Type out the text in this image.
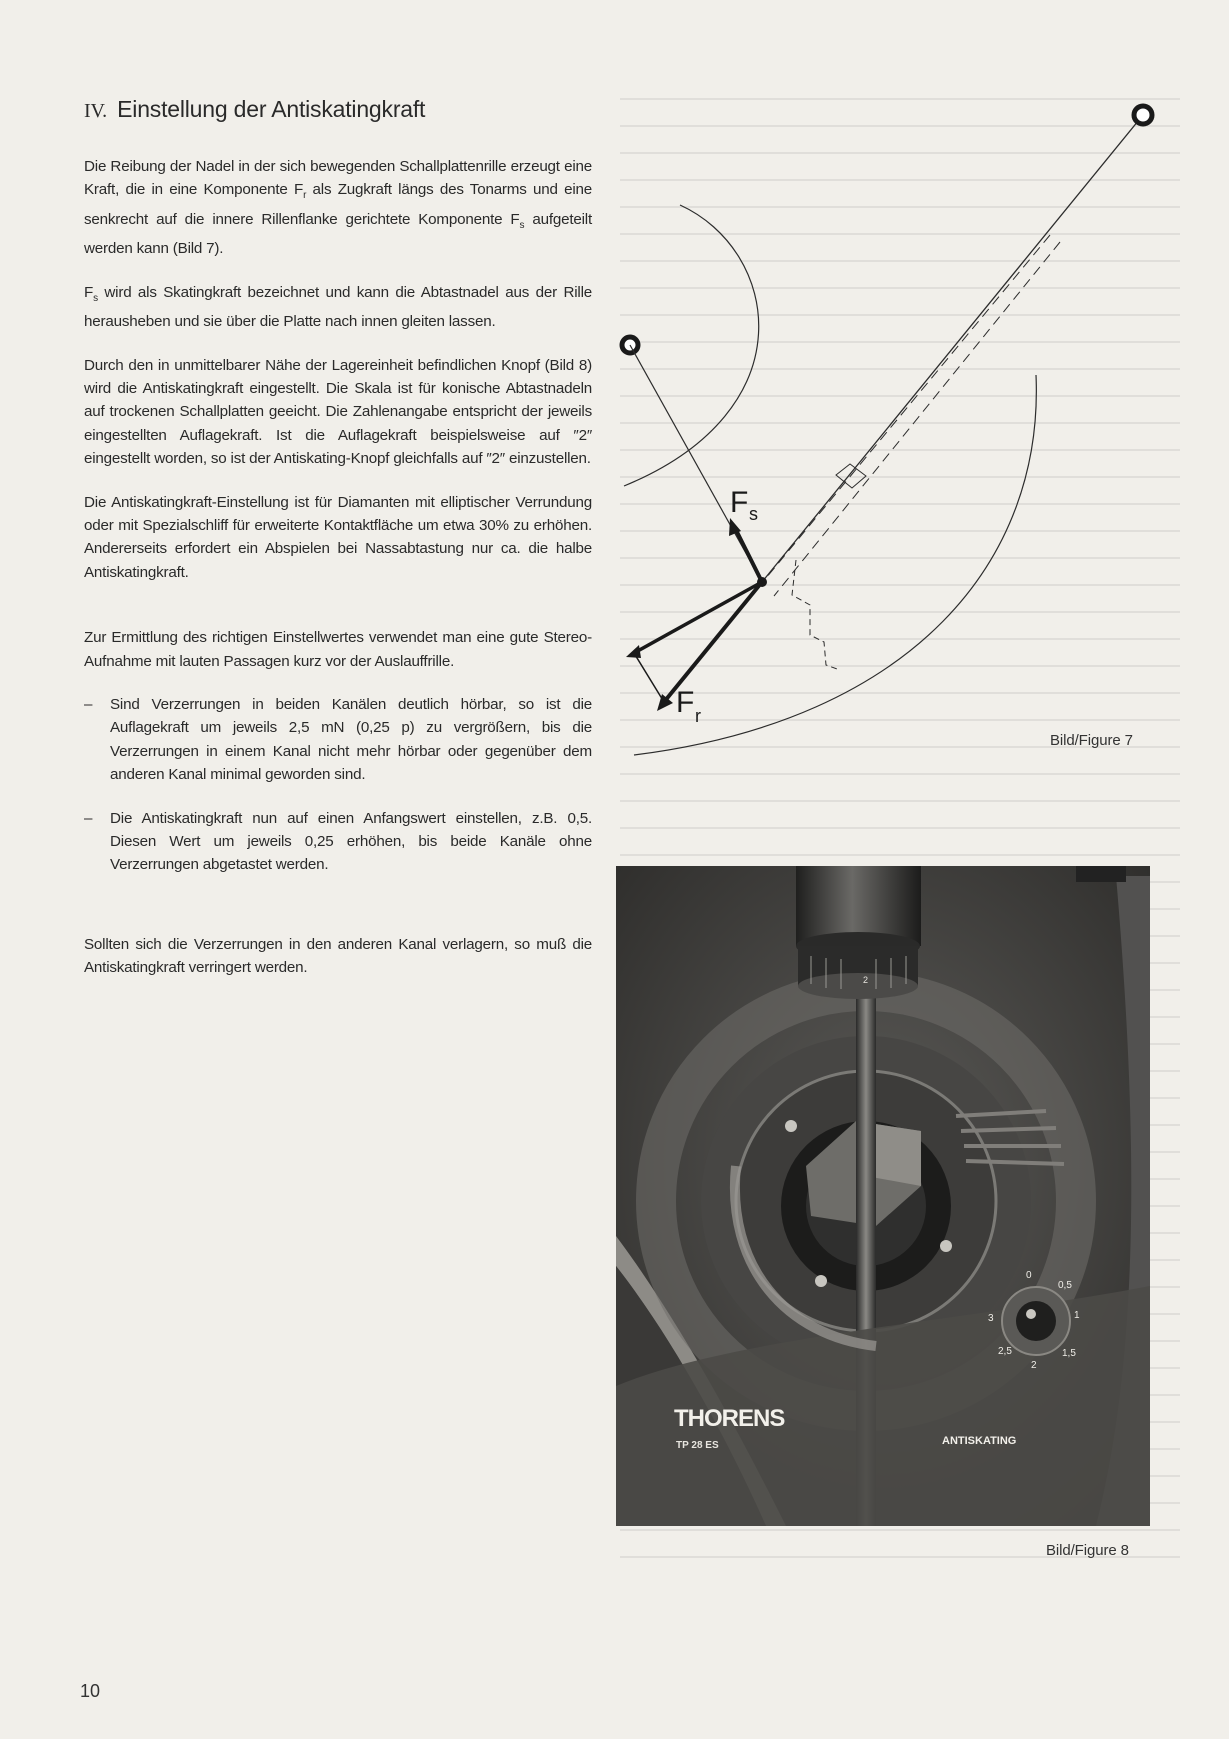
IV. Einstellung der Antiskatingkraft

Die Reibung der Nadel in der sich bewegenden Schallplattenrille erzeugt eine Kraft, die in eine Komponente $F_r$ als Zugkraft längs des Tonarms und eine senkrecht auf die innere Rillenflanke gerichtete Komponente $F_s$ aufgeteilt werden kann (Bild 7).

$F_s$ wird als Skatingkraft bezeichnet und kann die Abtastnadel aus der Rille herausheben und sie über die Platte nach innen gleiten lassen.

Durch den in unmittelbarer Nähe der Lagereinheit befindlichen Knopf (Bild 8) wird die Antiskatingkraft eingestellt. Die Skala ist für konische Abtastnadeln auf trockenen Schallplatten geeicht. Die Zahlenangabe entspricht der jeweils eingestellten Auflagekraft. Ist die Auflagekraft beispielsweise auf ″2″ eingestellt worden, so ist der Antiskating-Knopf gleichfalls auf ″2″ einzustellen.

Die Antiskatingkraft-Einstellung ist für Diamanten mit elliptischer Verrundung oder mit Spezialschliff für erweiterte Kontaktfläche um etwa 30% zu erhöhen. Andererseits erfordert ein Abspielen bei Nassabtastung nur ca. die halbe Antiskatingkraft.

Zur Ermittlung des richtigen Einstellwertes verwendet man eine gute Stereo-Aufnahme mit lauten Passagen kurz vor der Auslauffrille.

–	Sind Verzerrungen in beiden Kanälen deutlich hörbar, so ist die Auflagekraft um jeweils 2,5 mN (0,25 p) zu vergrößern, bis die Verzerrungen in einem Kanal nicht mehr hörbar oder gegenüber dem anderen Kanal minimal geworden sind.
–	Die Antiskatingkraft nun auf einen Anfangswert einstellen, z.B. 0,5. Diesen Wert um jeweils 0,25 erhöhen, bis beide Kanäle ohne Verzerrungen abgetastet werden.

Sollten sich die Verzerrungen in den anderen Kanal verlagern, so muß die Antiskatingkraft verringert werden.

F s
F r
Bild/Figure 7
2
0
0,5
1
1,5
2
2,5
3
THORENS
TP 28 ES	ANTISKATING
Bild/Figure 8
10
